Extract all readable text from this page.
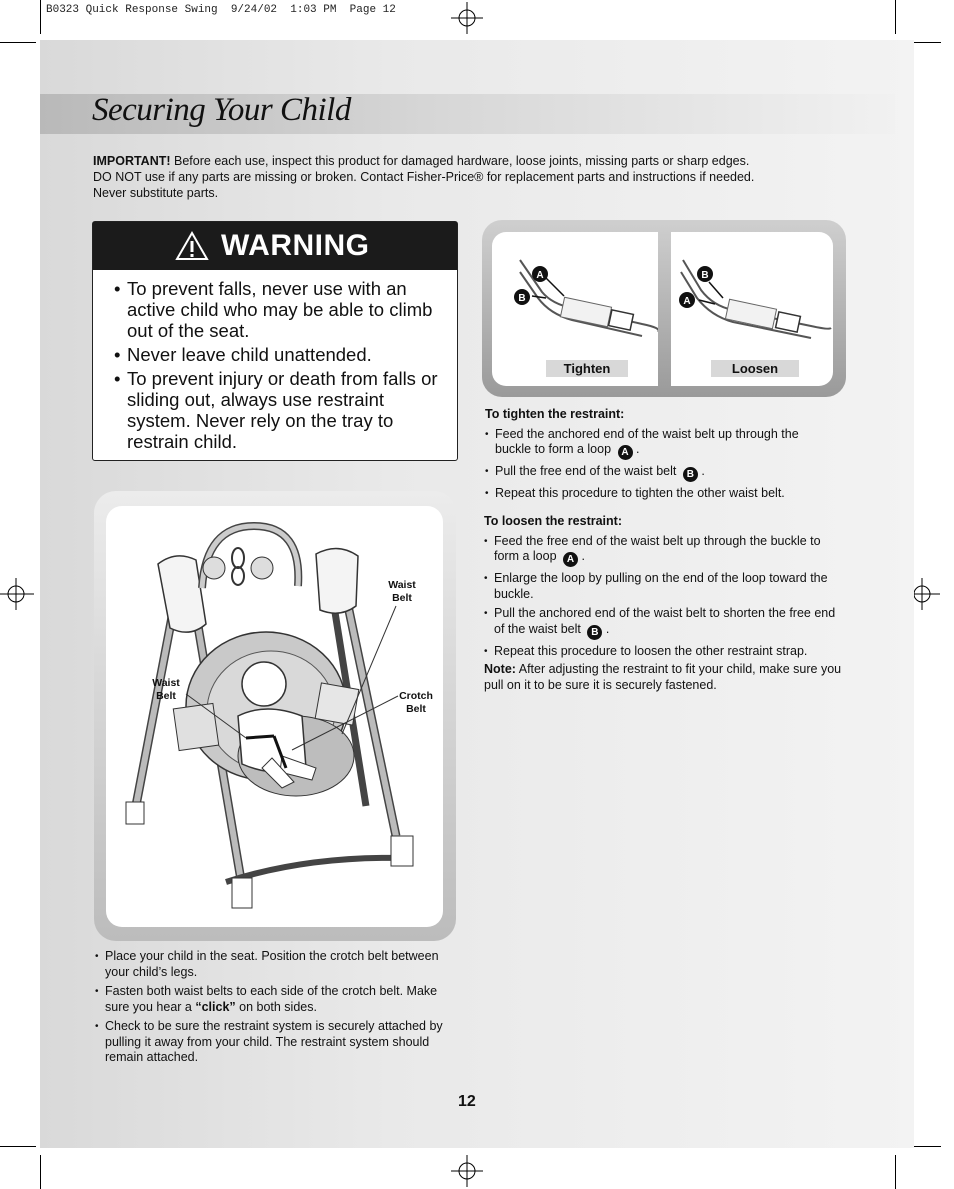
B0323 Quick Response Swing  9/24/02  1:03 PM  Page 12
Securing Your Child
IMPORTANT! Before each use, inspect this product for damaged hardware, loose joints, missing parts or sharp edges.
DO NOT use if any parts are missing or broken. Contact Fisher-Price® for replacement parts and instructions if needed.
Never substitute parts.
WARNING
• To prevent falls, never use with an active child who may be able to climb out of the seat.
• Never leave child unattended.
• To prevent injury or death from falls or sliding out, always use restraint system. Never rely on the tray to restrain child.
A
B
Tighten
B
A
Loosen
To tighten the restraint:
• Feed the anchored end of the waist belt up through the buckle to form a loop A .
• Pull the free end of the waist belt B .
• Repeat this procedure to tighten the other waist belt.
To loosen the restraint:
• Feed the free end of the waist belt up through the buckle to form a loop A .
• Enlarge the loop by pulling on the end of the loop toward the buckle.
• Pull the anchored end of the waist belt to shorten the free end of the waist belt B .
• Repeat this procedure to loosen the other restraint strap.
Note: After adjusting the restraint to fit your child, make sure you pull on it to be sure it is securely fastened.
Waist Belt
Waist Belt	Crotch Belt
• Place your child in the seat. Position the crotch belt between your child’s legs.
• Fasten both waist belts to each side of the crotch belt. Make sure you hear a “click” on both sides.
• Check to be sure the restraint system is securely attached by pulling it away from your child. The restraint system should remain attached.
12
